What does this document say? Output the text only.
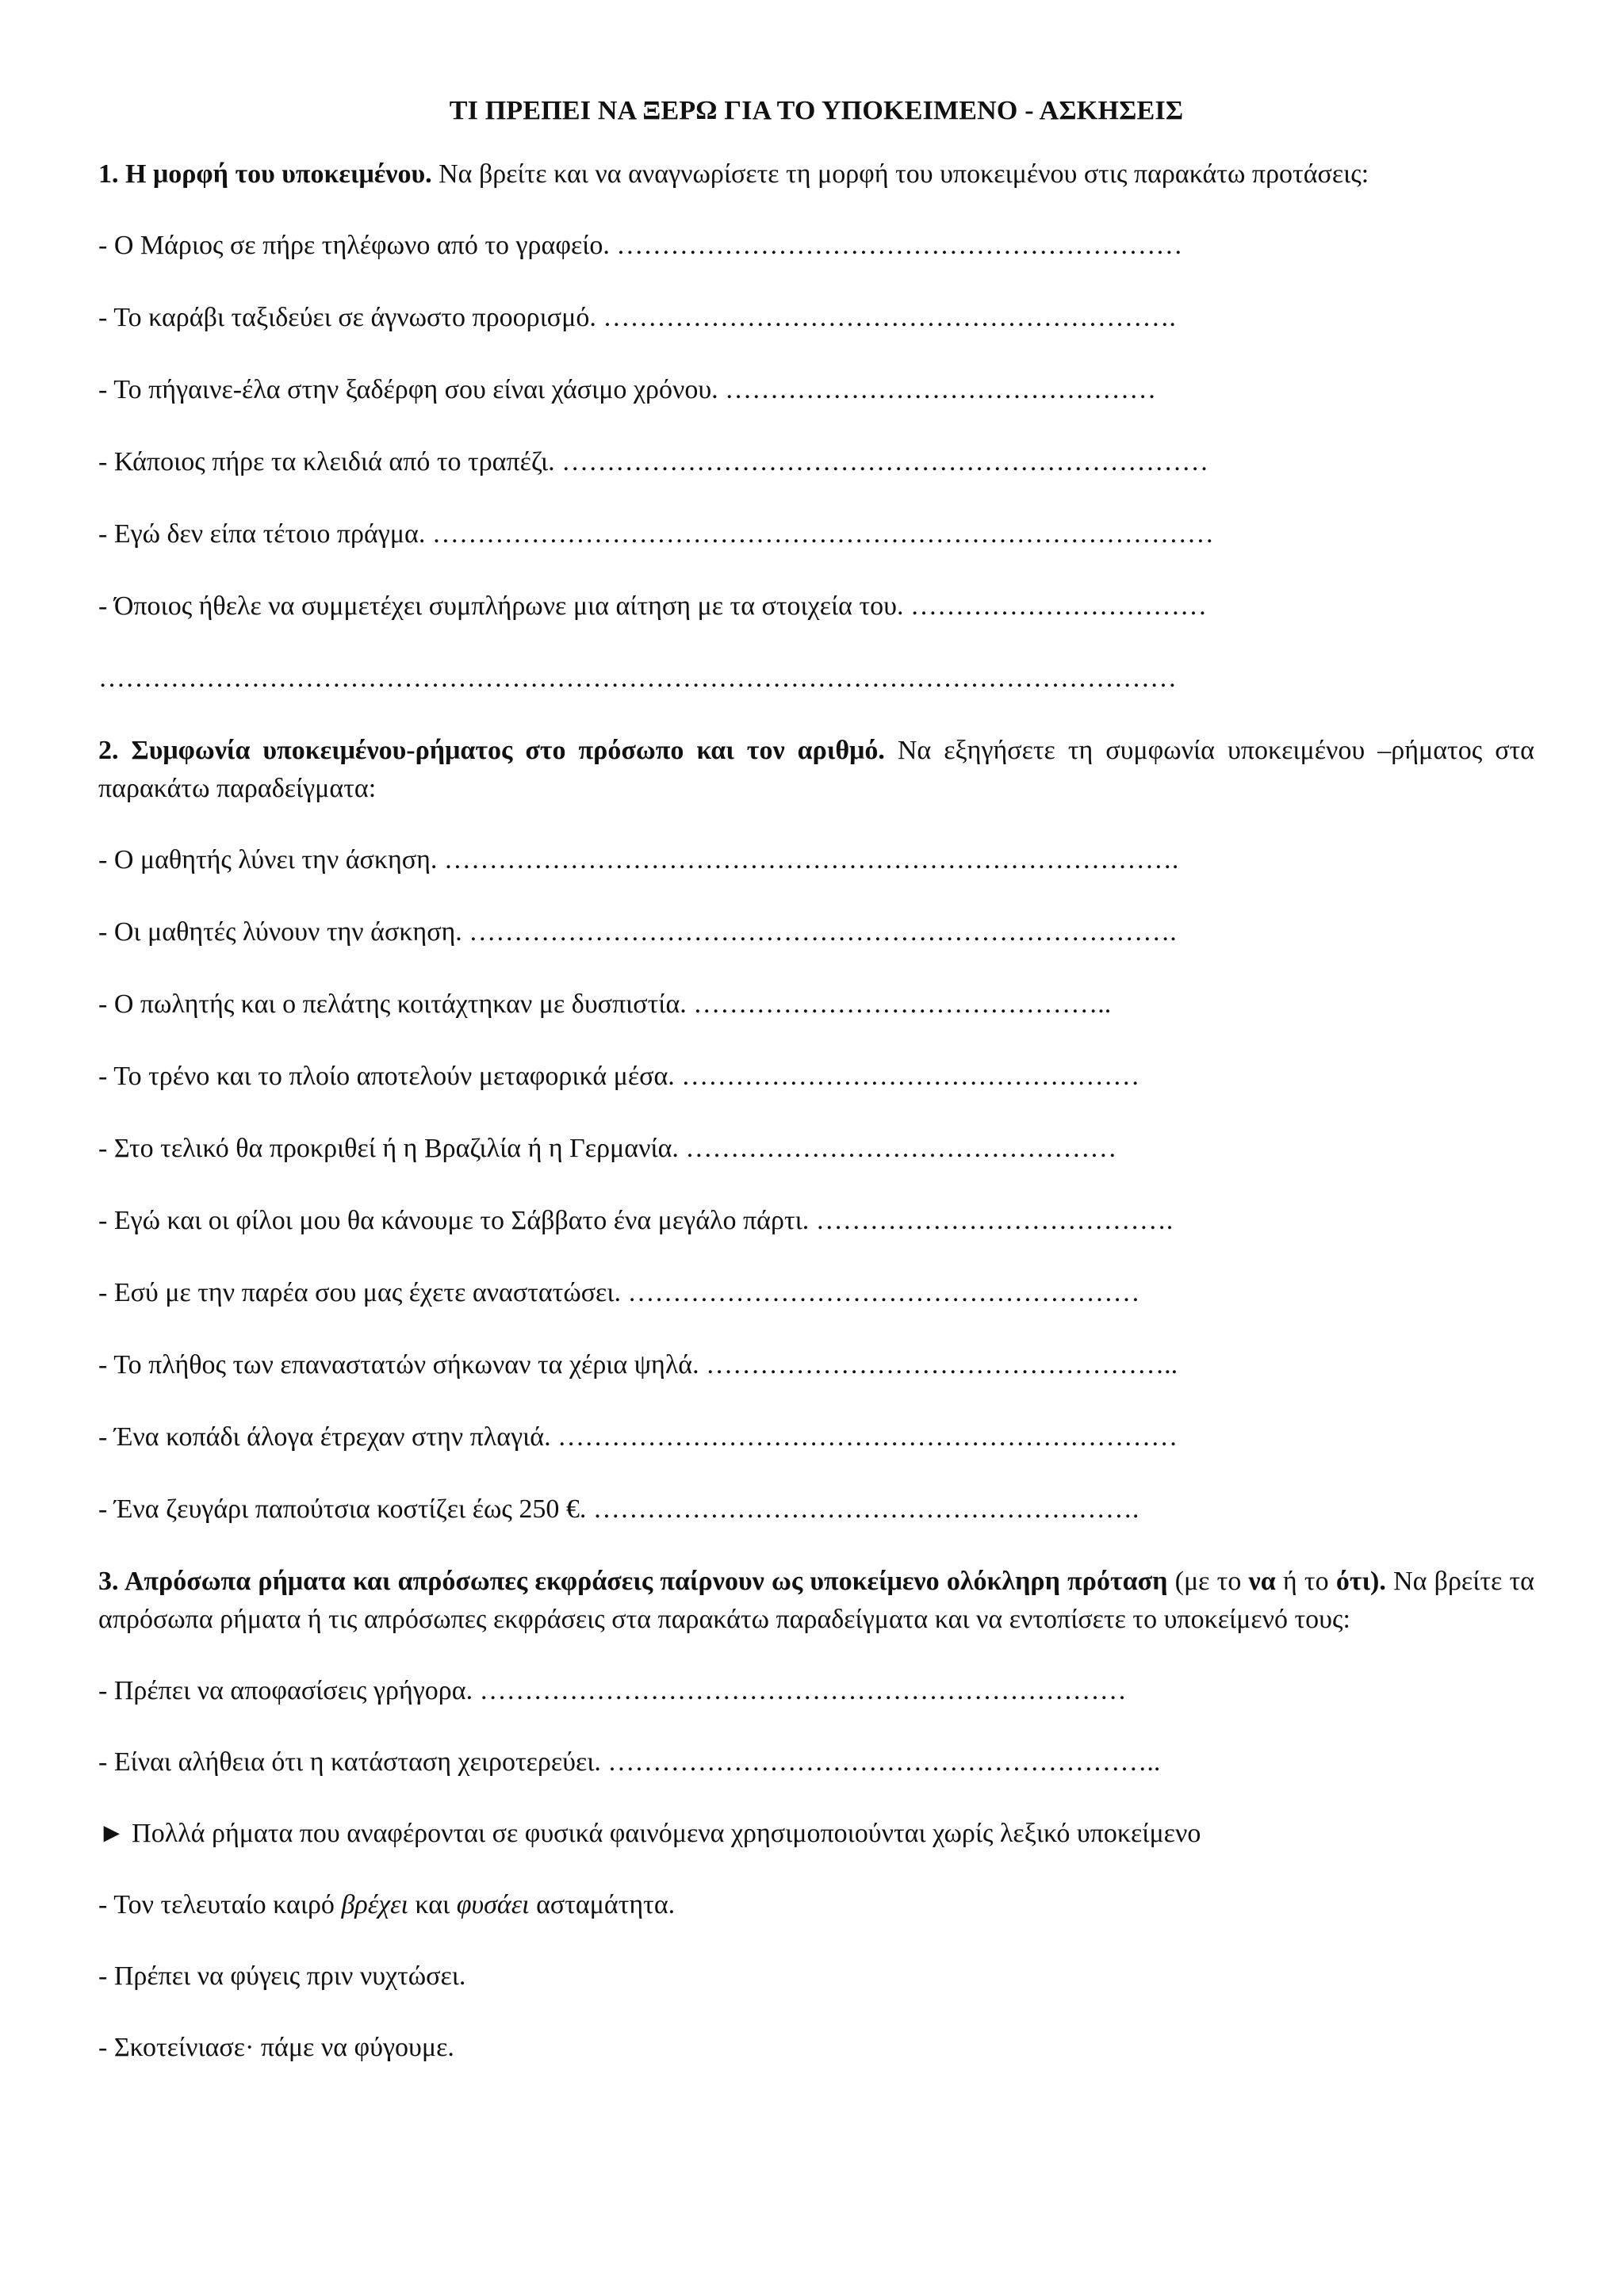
ΤΙ ΠΡΕΠΕΙ ΝΑ ΞΕΡΩ ΓΙΑ ΤΟ ΥΠΟΚΕΙΜΕΝΟ - ΑΣΚΗΣΕΙΣ
1. Η μορφή του υποκειμένου. Να βρείτε και να αναγνωρίσετε τη μορφή του υποκειμένου στις παρακάτω προτάσεις:
- Ο Μάριος σε πήρε τηλέφωνο από το γραφείο. ………………………………………………………
- Το καράβι ταξιδεύει σε άγνωστο προορισμό. ……………………………………………………….
- Το πήγαινε-έλα στην ξαδέρφη σου είναι χάσιμο χρόνου. …………………………………………
- Κάποιος πήρε τα κλειδιά από το τραπέζι. ………………………………………………………………
- Εγώ δεν είπα τέτοιο πράγμα. ……………………………………………………………………………
- Όποιος ήθελε να συμμετέχει συμπλήρωνε μια αίτηση με τα στοιχεία του. ……………………………
…………………………………………………………………………………………………………
2. Συμφωνία υποκειμένου-ρήματος στο πρόσωπο και τον αριθμό. Να εξηγήσετε τη συμφωνία υποκειμένου –ρήματος στα παρακάτω παραδείγματα:
- Ο μαθητής λύνει την άσκηση. ……………………………………………………………………….
- Οι μαθητές λύνουν την άσκηση. …………………………………………………………………….
- Ο πωλητής και ο πελάτης κοιτάχτηκαν με δυσπιστία. ………………………………………..
- Το τρένο και το πλοίο αποτελούν μεταφορικά μέσα. ……………………………………………
- Στο τελικό θα προκριθεί ή η Βραζιλία ή η Γερμανία. …………………………………………
- Εγώ και οι φίλοι μου θα κάνουμε το Σάββατο ένα μεγάλο πάρτι. ………………………………….
- Εσύ με την παρέα σου μας έχετε αναστατώσει. …………………………………………………
- Το πλήθος των επαναστατών σήκωναν τα χέρια ψηλά. ……………………………………………..
- Ένα κοπάδι άλογα έτρεχαν στην πλαγιά. ……………………………………………………………
- Ένα ζευγάρι παπούτσια κοστίζει έως 250 €. …………………………………………………….
3. Απρόσωπα ρήματα και απρόσωπες εκφράσεις παίρνουν ως υποκείμενο ολόκληρη πρόταση (με το να ή το ότι). Να βρείτε τα απρόσωπα ρήματα ή τις απρόσωπες εκφράσεις στα παρακάτω παραδείγματα και να εντοπίσετε το υποκείμενό τους:
- Πρέπει να αποφασίσεις γρήγορα. ………………………………………………………………
- Είναι αλήθεια ότι η κατάσταση χειροτερεύει. ……………………………………………………..
► Πολλά ρήματα που αναφέρονται σε φυσικά φαινόμενα χρησιμοποιούνται χωρίς λεξικό υποκείμενο
- Τον τελευταίο καιρό βρέχει και φυσάει ασταμάτητα.
- Πρέπει να φύγεις πριν νυχτώσει.
- Σκοτείνιασε· πάμε να φύγουμε.
